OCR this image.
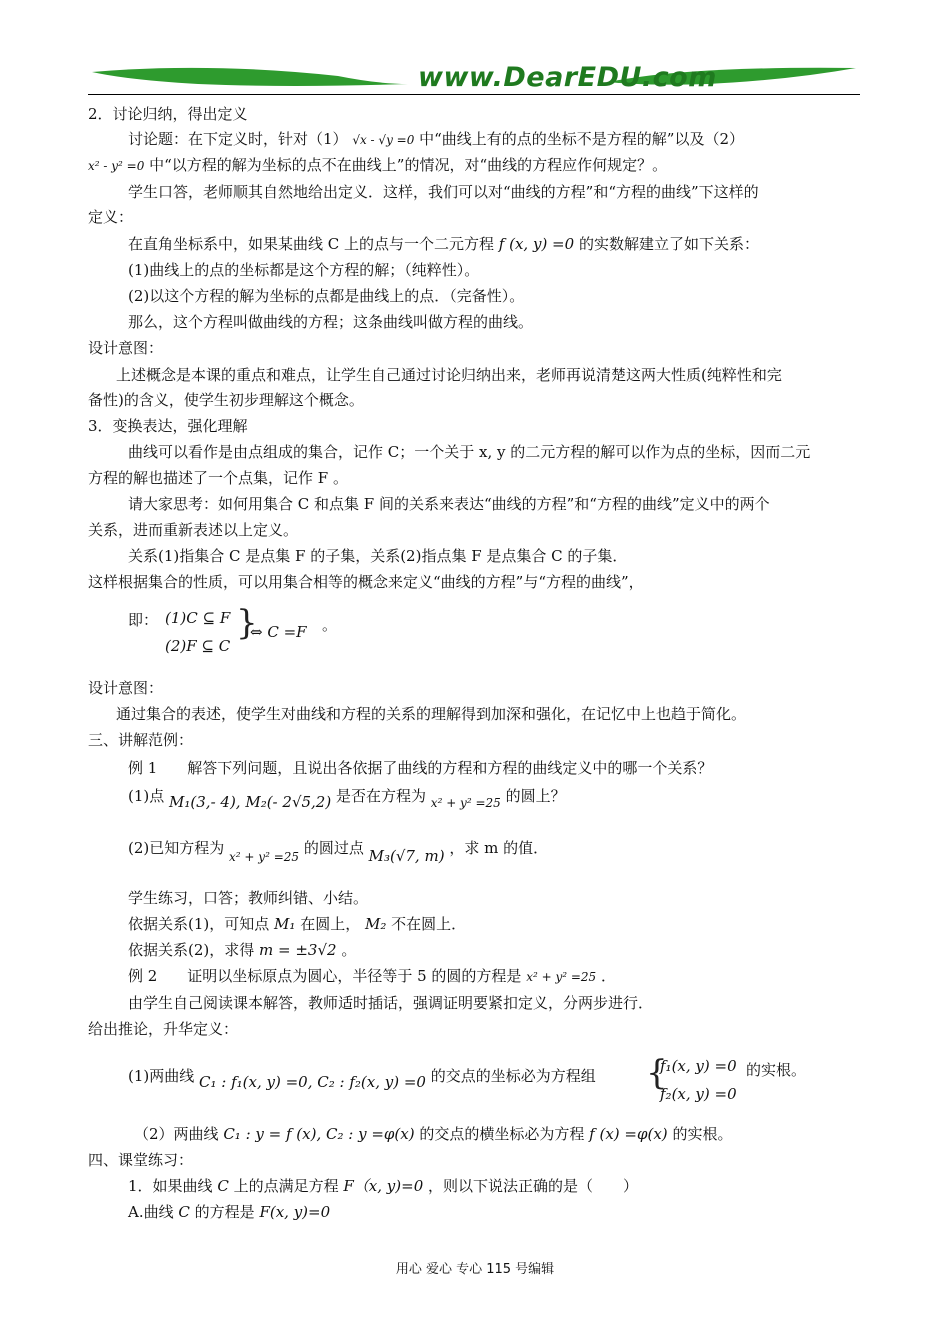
www.DearEDU.com
2．讨论归纳，得出定义
讨论题：在下定义时，针对（1） √x - √y =0 中“曲线上有的点的坐标不是方程的解”以及（2）
x² - y² =0 中“以方程的解为坐标的点不在曲线上”的情况，对“曲线的方程应作何规定？。
学生口答，老师顺其自然地给出定义．这样，我们可以对“曲线的方程”和“方程的曲线”下这样的
定义：
在直角坐标系中，如果某曲线 C 上的点与一个二元方程 f (x, y) =0 的实数解建立了如下关系：
(1)曲线上的点的坐标都是这个方程的解；（纯粹性）。
(2)以这个方程的解为坐标的点都是曲线上的点．（完备性）。
那么，这个方程叫做曲线的方程；这条曲线叫做方程的曲线。
设计意图：
上述概念是本课的重点和难点，让学生自己通过讨论归纳出来，老师再说清楚这两大性质(纯粹性和完
备性)的含义，使学生初步理解这个概念。
3．变换表达，强化理解
曲线可以看作是由点组成的集合，记作 C；一个关于 x, y 的二元方程的解可以作为点的坐标，因而二元
方程的解也描述了一个点集，记作 F 。
请大家思考：如何用集合 C 和点集 F 间的关系来表达“曲线的方程”和“方程的曲线”定义中的两个
关系，进而重新表述以上定义。
关系(1)指集合 C 是点集 F 的子集，关系(2)指点集 F 是点集合 C 的子集．
这样根据集合的性质，可以用集合相等的概念来定义“曲线的方程”与“方程的曲线”，
即： (1)C ⊆ F
(2)F ⊆ C
}
⇔ C =F 。
设计意图：
通过集合的表述，使学生对曲线和方程的关系的理解得到加深和强化，在记忆中上也趋于简化。
三、讲解范例：
例 1　　解答下列问题，且说出各依据了曲线的方程和方程的曲线定义中的哪一个关系？
(1)点 M₁(3,- 4), M₂(- 2√5,2) 是否在方程为 $_{x^2 + y^2 =25}$ 的圆上？
(2)已知方程为 $_{x^2 + y^2 =25}$ 的圆过点 M₃(√7, m) ，求 m 的值．
学生练习，口答；教师纠错、小结。
依据关系(1)，可知点 M₁ 在圆上， M₂ 不在圆上．
依据关系(2)，求得 m = ±3√2 。
例 2　　证明以坐标原点为圆心，半径等于 5 的圆的方程是 x² + y² =25 ．
由学生自己阅读课本解答，教师适时插话，强调证明要紧扣定义，分两步进行．
给出推论，升华定义：
(1)两曲线 C₁ : f₁(x, y) =0, C₂ : f₂(x, y) =0 的交点的坐标必为方程组 {
f₁(x, y) =0
f₂(x, y) =0
的实根。
（2）两曲线 C₁ : y = f (x), C₂ : y =φ(x) 的交点的横坐标必为方程 f (x) =φ(x) 的实根。
四、课堂练习：
1．如果曲线 C 上的点满足方程 F（x, y)=0 ，则以下说法正确的是（　　）
A.曲线 C 的方程是 F(x, y)=0
用心 爱心 专心 115 号编辑
